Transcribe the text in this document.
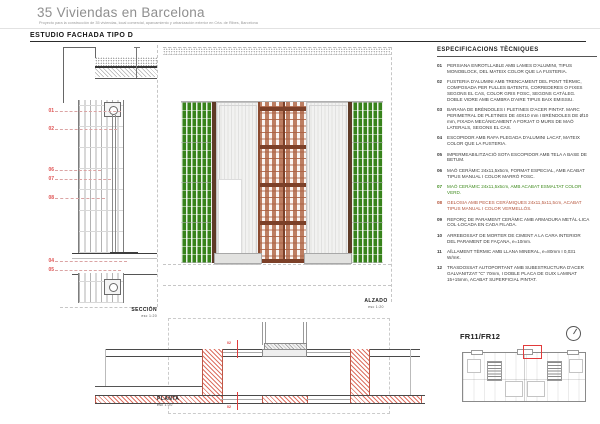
35 Viviendas en Barcelona
Proyecto para la construcción de 35 viviendas, local comercial, aparcamiento y urbanización exterior en Crta. de Ribes, Barcelona
ESTUDIO FACHADA TIPO D
01
02
06
07
08
04
05
SECCIÓN
esc 1:20
ALZADO
esc 1:20
02
02
PLANTA
esc 1:20
FR11/FR12
ESPECIFICACIONS TÈCNIQUES
01	PERSIANA ENROTLLABLE AMB LAMES D'ALUMINI, TIPUS MONOBLOCK, DEL MATEIX COLOR QUE LA FUSTERIA.
02	FUSTERIA D'ALUMINI AMB TRENCAMENT DEL PONT TÈRMIC, COMPOSADA PER FULLES BATENTS, CORREDERES O FIXES SEGONS EL CAS, COLOR GRIS FOSC, SEGONS CATÀLEG. DOBLE VIDRE AMB CAMBRA D'AIRE TIPUS BAIX EMISSIU.
03	BARANA DE BRÈNDOLES I PLETINES D'ACER PINTAT. MARC PERIMETRAL DE PLETINES DE 40X10 mm I BRÈNDOLES DE Ø10 mm, FIXADA MECÀNICAMENT A FORJAT O MURS DE MAÓ LATERALS, SEGONS EL CAS.
04	ESCOPIDOR AMB RAFA PLEGADA D'ALUMINI LACAT, MATEIX COLOR QUE LA FUSTERIA.
05	IMPERMEABILITZACIÓ SOTA ESCOPIDOR AMB TELA A BASE DE BETUM.
06	MAÓ CERÀMIC 24x11,5x5cm, FORMAT ESPECIAL, AMB ACABAT TIPUS MANUAL I COLOR MARRÓ FOSC.
07	MAÓ CERÀMIC 24x11,5x5cm, AMB ACABAT ESMALTAT COLOR VERD.
08	GELOSIA AMB PECES CERÀMIQUES 24x11,5x11,5cm, ACABAT TIPUS MANUAL I COLOR VERMELLÓS.
09	REFORÇ DE PARAMENT CERÀMIC AMB ARMADURA METÀL·LICA COL·LOCADA EN CADA FILADA.
10	ARREBOSSAT DE MORTER DE CIMENT A LA CARA INTERIOR DEL PARAMENT DE FAÇANA, e=10mm.
11	AÏLLAMENT TÈRMIC AMB LLANA MINERAL, e=80mm I 0,031 W/mK.
12	TRASDOSSAT AUTOPORTANT AMB SUBESTRUCTURA D'ACER GALVANITZAT "C" 70mm, I DOBLE PLACA DE GUIX LAMINAT 15+15mm, ACABAT SUPERFICIAL PINTAT.
